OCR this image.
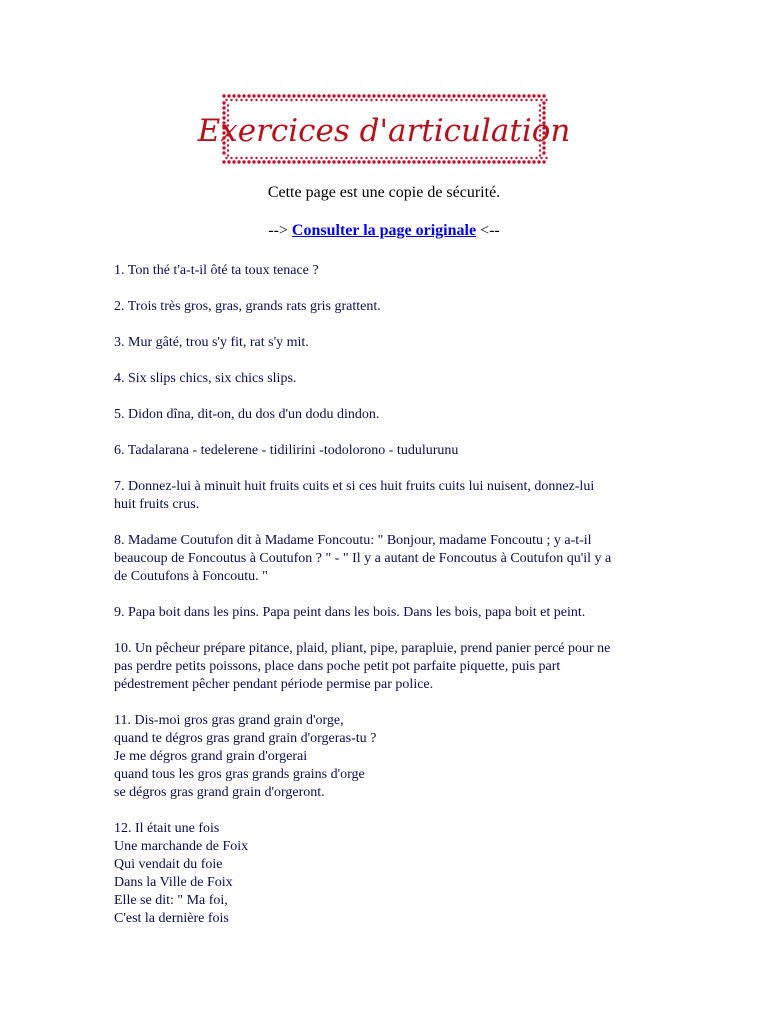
Exercices d'articulation
Cette page est une copie de sécurité.
--> Consulter la page originale <--

1. Ton thé t'a-t-il ôté ta toux tenace ?

2. Trois très gros, gras, grands rats gris grattent.

3. Mur gâté, trou s'y fit, rat s'y mit.

4. Six slips chics, six chics slips.

5. Didon dîna, dit-on, du dos d'un dodu dindon.

6. Tadalarana - tedelerene - tidilirini -todolorono - tudulurunu

7. Donnez-lui à minuit huit fruits cuits et si ces huit fruits cuits lui nuisent, donnez-lui
huit fruits crus.

8. Madame Coutufon dit à Madame Foncoutu: " Bonjour, madame Foncoutu ; y a-t-il
beaucoup de Foncoutus à Coutufon ? " - " Il y a autant de Foncoutus à Coutufon qu'il y a
de Coutufons à Foncoutu. "

9. Papa boit dans les pins. Papa peint dans les bois. Dans les bois, papa boit et peint.

10. Un pêcheur prépare pitance, plaid, pliant, pipe, parapluie, prend panier percé pour ne
pas perdre petits poissons, place dans poche petit pot parfaite piquette, puis part
pédestrement pêcher pendant période permise par police.

11. Dis-moi gros gras grand grain d'orge,
quand te dégros gras grand grain d'orgeras-tu ?
Je me dégros grand grain d'orgerai
quand tous les gros gras grands grains d'orge
se dégros gras grand grain d'orgeront.

12. Il était une fois
Une marchande de Foix
Qui vendait du foie
Dans la Ville de Foix
Elle se dit: " Ma foi,
C'est la dernière fois
